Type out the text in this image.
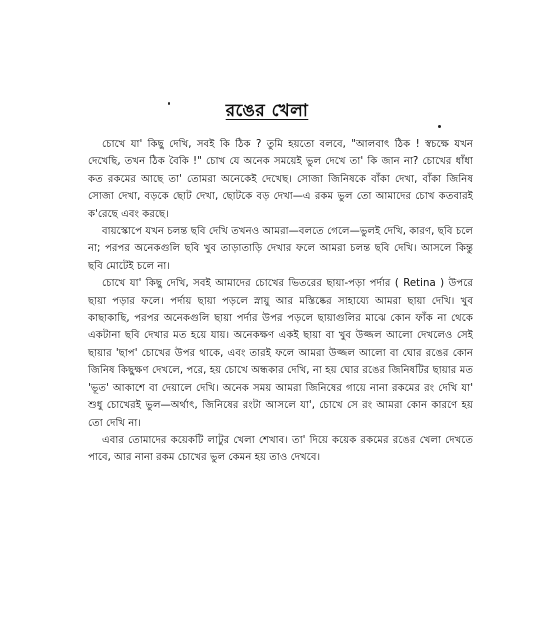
রঙের খেলা

চোখে যা' কিছু দেখি, সবই কি ঠিক ? তুমি হয়তো বলবে, "আলবাৎ ঠিক ! স্বচক্ষে যখন দেখেছি, তখন ঠিক বৈকি !" চোখ যে অনেক সময়েই ভুল দেখে তা' কি জান না? চোখের ধাঁধা কত রকমের আছে তা' তোমরা অনেকেই দেখেছ। সোজা জিনিষকে বাঁকা দেখা, বাঁকা জিনিষ সোজা দেখা, বড়কে ছোট দেখা, ছোটকে বড় দেখা—এ রকম ভুল তো আমাদের চোখ কতবারই ক'রেছে এবং করছে।

বায়স্কোপে যখন চলন্ত ছবি দেখি তখনও আমরা—বলতে গেলে—ভুলই দেখি, কারণ, ছবি চলে না; পরপর অনেকগুলি ছবি খুব তাড়াতাড়ি দেখার ফলে আমরা চলন্ত ছবি দেখি। আসলে কিন্তু ছবি মোটেই চলে না।

চোখে যা' কিছু দেখি, সবই আমাদের চোখের ভিতরের ছায়া-পড়া পর্দার ( Retina ) উপরে ছায়া পড়ার ফলে। পর্দায় ছায়া পড়লে স্নায়ু আর মস্তিষ্কের সাহায্যে আমরা ছায়া দেখি। খুব কাছাকাছি, পরপর অনেকগুলি ছায়া পর্দার উপর পড়লে ছায়াগুলির মাঝে কোন ফাঁক না থেকে একটানা ছবি দেখার মত হয়ে যায়। অনেকক্ষণ একই ছায়া বা খুব উজ্জল আলো দেখলেও সেই ছায়ার 'ছাপ' চোখের উপর থাকে, এবং তারই ফলে আমরা উজ্জল আলো বা ঘোর রঙের কোন জিনিষ কিছুক্ষণ দেখলে, পরে, হয় চোখে অন্ধকার দেখি, না হয় ঘোর রঙের জিনিষটির ছায়ার মত 'ভূত' আকাশে বা দেয়ালে দেখি। অনেক সময় আমরা জিনিষের গায়ে নানা রকমের রং দেখি যা' শুধু চোখেরই ভুল—অর্থাৎ, জিনিষের রংটা আসলে যা', চোখে সে রং আমরা কোন কারণে হয় তো দেখি না।

এবার তোমাদের কয়েকটি লাটুর খেলা শেখাব। তা' দিয়ে কয়েক রকমের রঙের খেলা দেখতে পাবে, আর নানা রকম চোখের ভুল কেমন হয় তাও দেখবে।
